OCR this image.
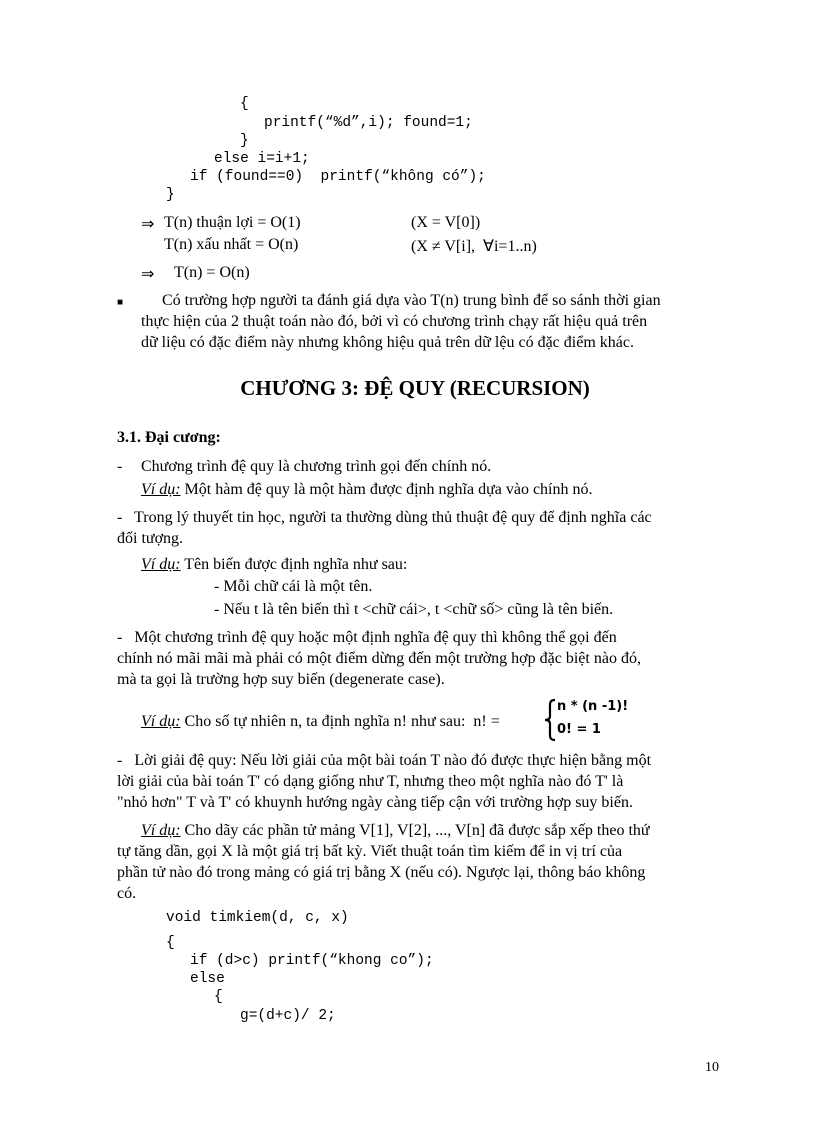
{
printf(“%d”,i); found=1;
}
else i=i+1;
if (found==0)  printf(“không có”);
}
⇒ T(n) thuận lợi = O(1)	(X = V[0])
T(n) xấu nhất = O(n)	(X ≠ V[i],  ∀i=1..n)
⇒ T(n) = O(n)
■ Có trường hợp người ta đánh giá dựa vào T(n) trung bình để so sánh thời gian
thực hiện của 2 thuật toán nào đó, bởi vì có chương trình chạy rất hiệu quả trên
dữ liệu có đặc điểm này nhưng không hiệu quả trên dữ lệu có đặc điểm khác.
CHƯƠNG 3: ĐỆ QUY (RECURSION)
3.1. Đại cương:
- Chương trình đệ quy là chương trình gọi đến chính nó.
Ví dụ: Một hàm đệ quy là một hàm được định nghĩa dựa vào chính nó.
-   Trong lý thuyết tin học, người ta thường dùng thủ thuật đệ quy để định nghĩa các
đối tượng.
Ví dụ: Tên biến được định nghĩa như sau:
- Mỗi chữ cái là một tên.
- Nếu t là tên biến thì t <chữ cái>, t <chữ số> cũng là tên biến.
-   Một chương trình đệ quy hoặc một định nghĩa đệ quy thì không thể gọi đến
chính nó mãi mãi mà phải có một điểm dừng đến một trường hợp đặc biệt nào đó,
mà ta gọi là trường hợp suy biến (degenerate case).
Ví dụ: Cho số tự nhiên n, ta định nghĩa n! như sau:  n! =
n * (n -1)!
0! = 1
-   Lời giải đệ quy: Nếu lời giải của một bài toán T nào đó được thực hiện bằng một
lời giải của bài toán T' có dạng giống như T, nhưng theo một nghĩa nào đó T' là
"nhỏ hơn" T và T' có khuynh hướng ngày càng tiếp cận với trường hợp suy biến.
Ví dụ: Cho dãy các phần tử mảng V[1], V[2], ..., V[n] đã được sắp xếp theo thứ
tự tăng dần, gọi X là một giá trị bất kỳ. Viết thuật toán tìm kiếm để in vị trí của
phần tử nào đó trong mảng có giá trị bằng X (nếu có). Ngược lại, thông báo không
có.
void timkiem(d, c, x)
{
if (d>c) printf(“khong co”);
else
{
g=(d+c)/ 2;
10
